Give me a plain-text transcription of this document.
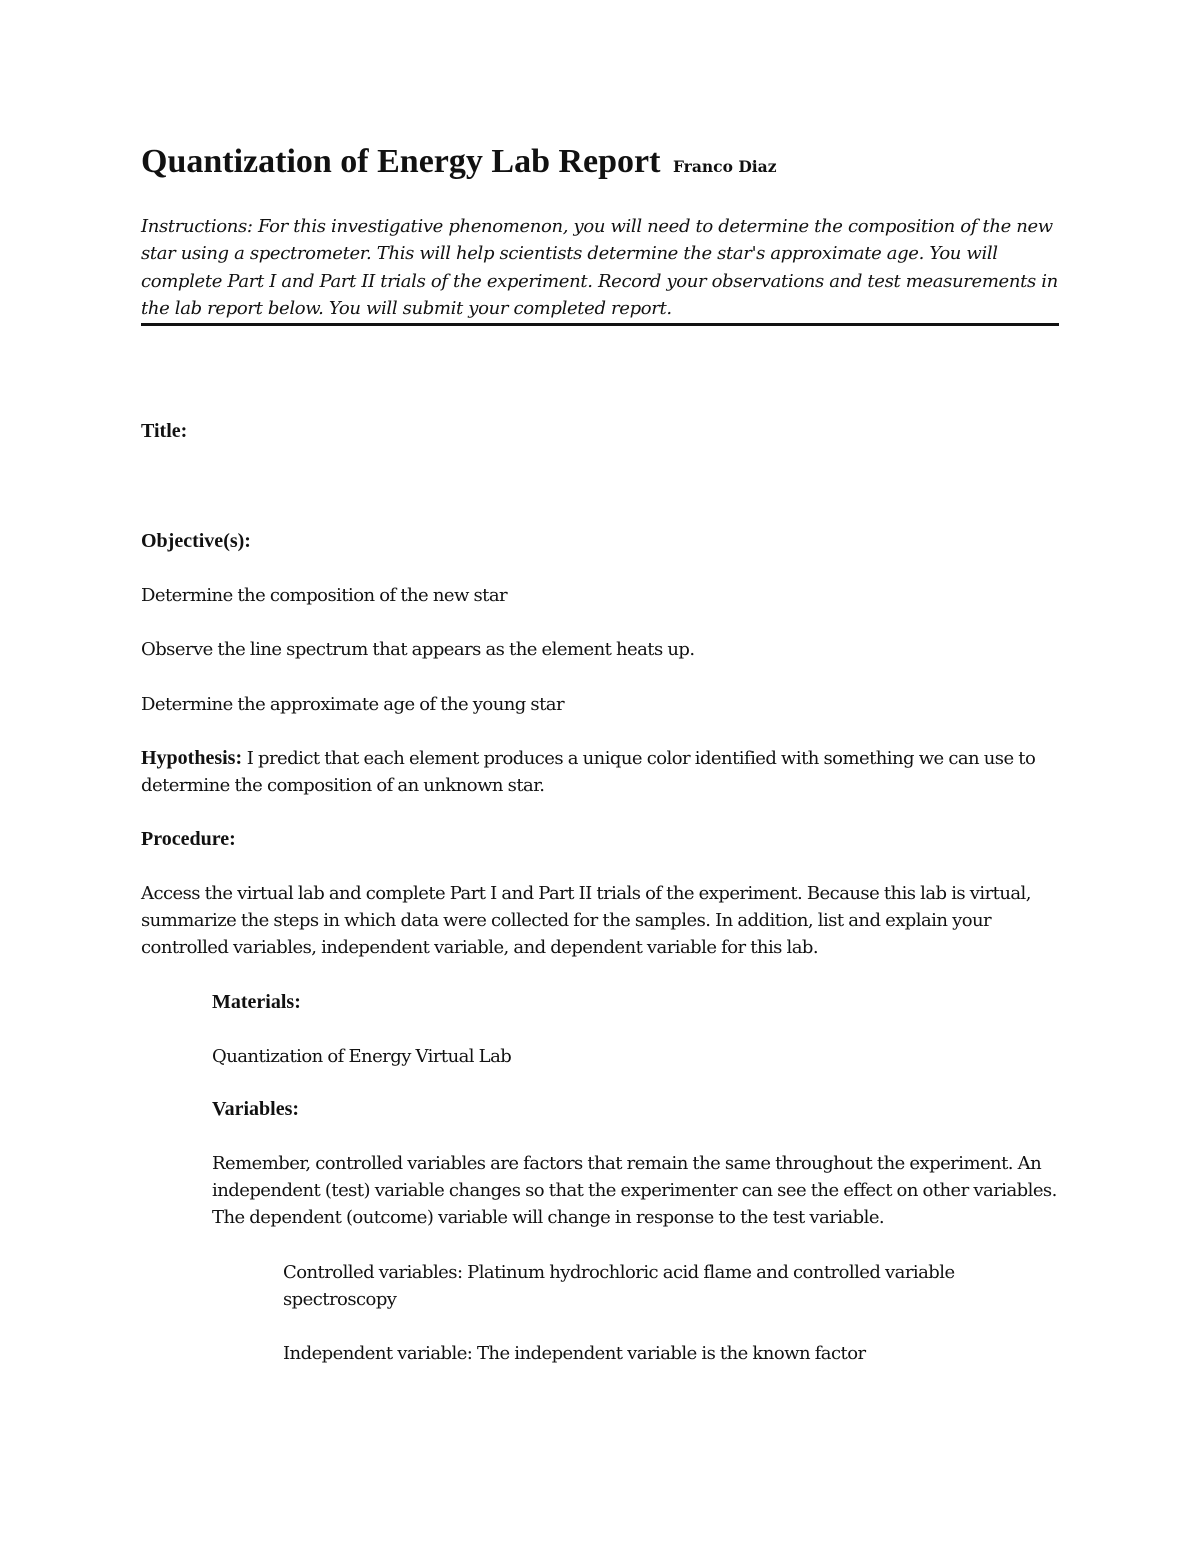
Quantization of Energy Lab Report Franco Diaz

Instructions: For this investigative phenomenon, you will need to determine the composition of the new star using a spectrometer. This will help scientists determine the star's approximate age. You will complete Part I and Part II trials of the experiment. Record your observations and test measurements in the lab report below. You will submit your completed report.

Title:

Objective(s):

Determine the composition of the new star

Observe the line spectrum that appears as the element heats up.

Determine the approximate age of the young star

Hypothesis: I predict that each element produces a unique color identified with something we can use to determine the composition of an unknown star.

Procedure:

Access the virtual lab and complete Part I and Part II trials of the experiment. Because this lab is virtual, summarize the steps in which data were collected for the samples. In addition, list and explain your controlled variables, independent variable, and dependent variable for this lab.

Materials:

Quantization of Energy Virtual Lab

Variables:

Remember, controlled variables are factors that remain the same throughout the experiment. An independent (test) variable changes so that the experimenter can see the effect on other variables. The dependent (outcome) variable will change in response to the test variable.

Controlled variables: Platinum hydrochloric acid flame and controlled variable spectroscopy

Independent variable: The independent variable is the known factor
